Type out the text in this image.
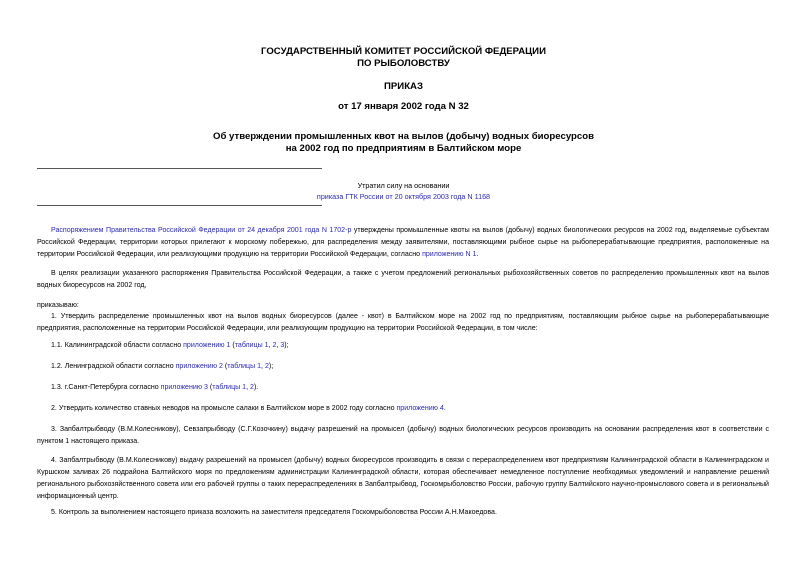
ГОСУДАРСТВЕННЫЙ КОМИТЕТ РОССИЙСКОЙ ФЕДЕРАЦИИ
ПО РЫБОЛОВСТВУ
ПРИКАЗ
от 17 января 2002 года N 32
Об утверждении промышленных квот на вылов (добычу) водных биоресурсов
на 2002 год по предприятиям в Балтийском море
Утратил силу на основании
приказа ГТК России от 20 октября 2003 года N 1168
Распоряжением Правительства Российской Федерации от 24 декабря 2001 года N 1702-р утверждены промышленные квоты на вылов (добычу) водных биологических ресурсов на 2002 год, выделяемые субъектам Российской Федерации, территории которых прилегают к морскому побережью, для распределения между заявителями, поставляющими рыбное сырье на рыбоперерабатывающие предприятия, расположенные на территории Российской Федерации, или реализующими продукцию на территории Российской Федерации, согласно приложению N 1.
В целях реализации указанного распоряжения Правительства Российской Федерации, а также с учетом предложений региональных рыбохозяйственных советов по распределению промышленных квот на вылов водных биоресурсов на 2002 год,
приказываю:
1. Утвердить распределение промышленных квот на вылов водных биоресурсов (далее - квот) в Балтийском море на 2002 год по предприятиям, поставляющим рыбное сырье на рыбоперерабатывающие предприятия, расположенные на территории Российской Федерации, или реализующим продукцию на территории Российской Федерации, в том числе:
1.1. Калининградской области согласно приложению 1 (таблицы 1, 2, 3);
1.2. Ленинградской области согласно приложению 2 (таблицы 1, 2);
1.3. г.Санкт-Петербурга согласно приложению 3 (таблицы 1, 2).
2. Утвердить количество ставных неводов на промысле салаки в Балтийском море в 2002 году согласно приложению 4.
3. Запбалтрыбводу (В.М.Колесникову), Севзапрыбводу (С.Г.Козочкину) выдачу разрешений на промысел (добычу) водных биологических ресурсов производить на основании распределения квот в соответствии с пунктом 1 настоящего приказа.
4. Запбалтрыбводу (В.М.Колесникову) выдачу разрешений на промысел (добычу) водных биоресурсов производить в связи с перераспределением квот предприятиям Калининградской области в Калининградском и Куршском заливах 26 подрайона Балтийского моря по предложениям администрации Калининградской области, которая обеспечивает немедленное поступление необходимых уведомлений и направление решений регионального рыбохозяйственного совета или его рабочей группы о таких перераспределениях в Запбалтрыбвод, Госкомрыболовство России, рабочую группу Балтийского научно-промыслового совета и в региональный информационный центр.
5. Контроль за выполнением настоящего приказа возложить на заместителя председателя Госкомрыболовства России А.Н.Макоедова.
